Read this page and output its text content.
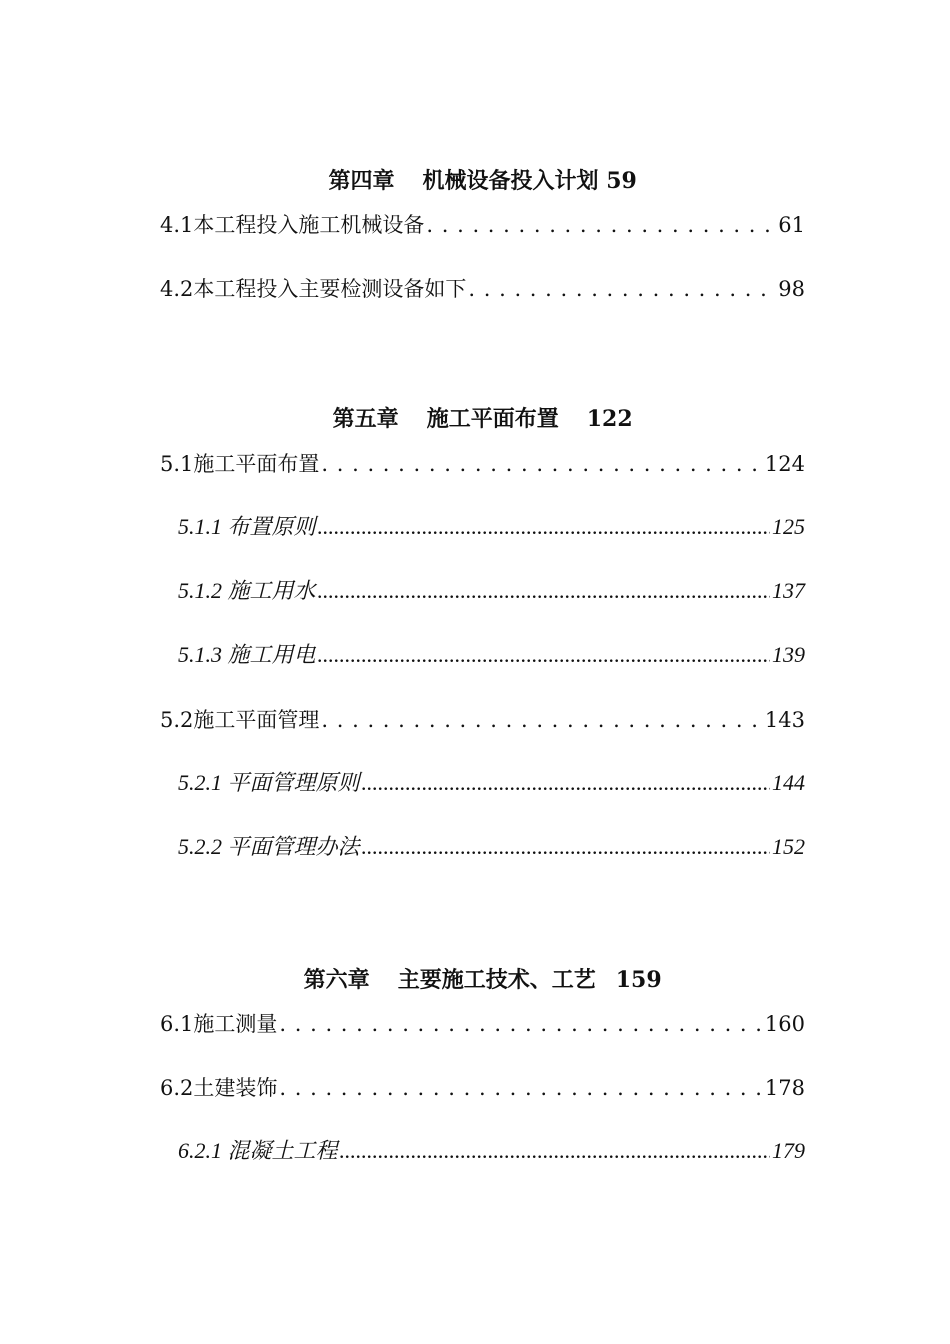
第四章 机械设备投入计划 59

4.1本工程投入施工机械设备 . . .	61
4.2本工程投入主要检测设备如下 . . .	98

第五章 施工平面布置 122

5.1施工平面布置 . . .	124
5.1.1 布置原则 .....	125
5.1.2 施工用水 .....	137
5.1.3 施工用电 .....	139
5.2施工平面管理 . . .	143
5.2.1 平面管理原则 .....	144
5.2.2 平面管理办法 .....	152

第六章 主要施工技术、工艺 159

6.1施工测量 . . .	160
6.2土建装饰 . . .	178
6.2.1 混凝土工程 .....	179
